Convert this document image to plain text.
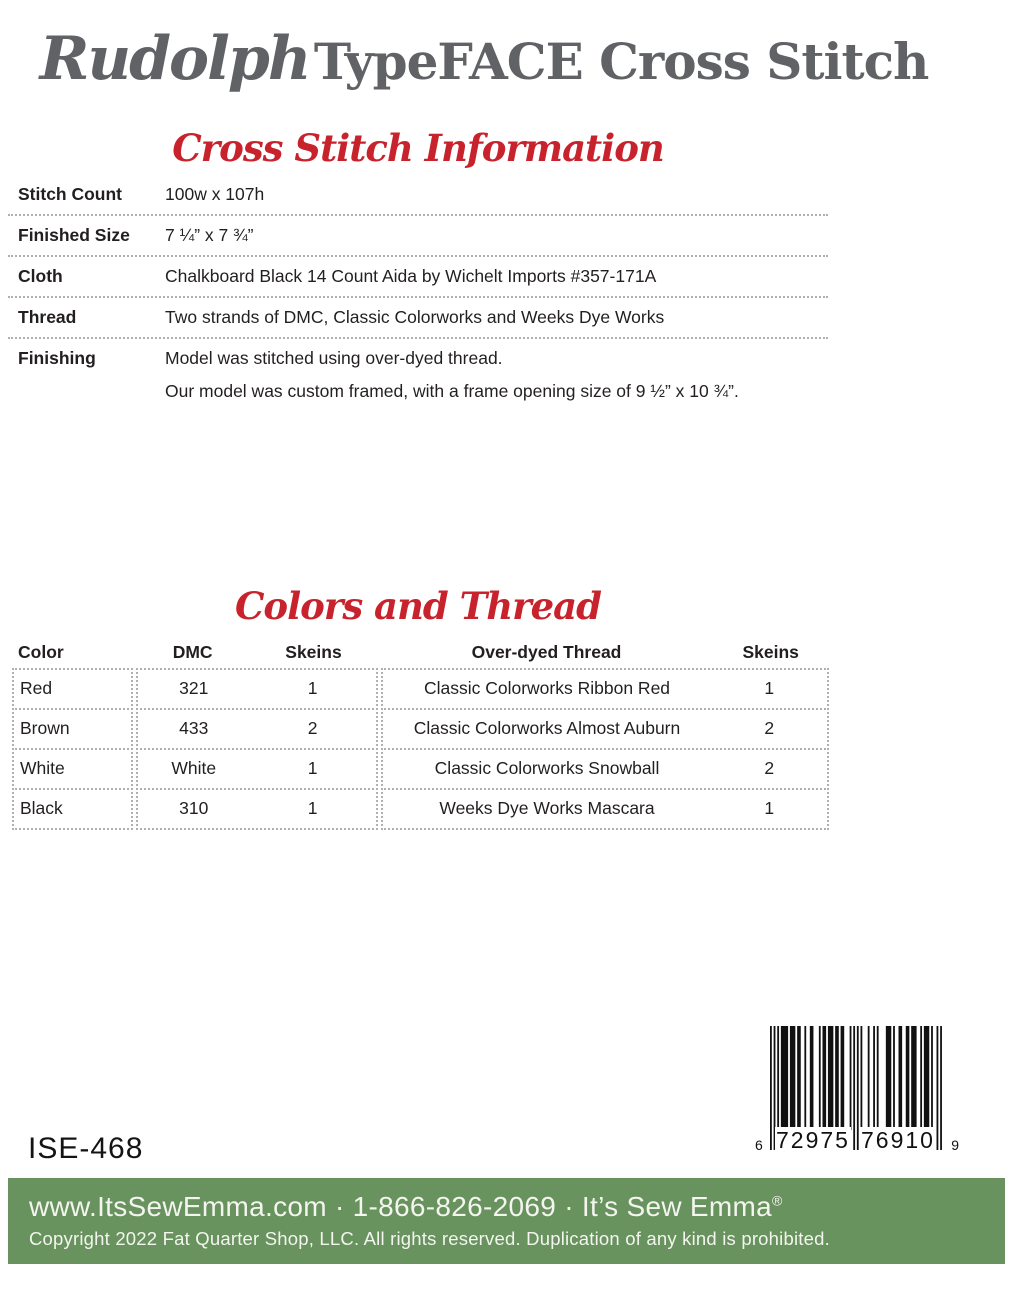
Rudolph TypeFACE Cross Stitch
Cross Stitch Information
Stitch Count	100w x 107h
Finished Size	7 ¼” x 7 ¾”
Cloth	Chalkboard Black 14 Count Aida by Wichelt Imports #357-171A
Thread	Two strands of DMC, Classic Colorworks and Weeks Dye Works
Finishing	Model was stitched using over-dyed thread.
Our model was custom framed, with a frame opening size of 9 ½” x 10 ¾”.
Colors and Thread
Color	DMC	Skeins	Over-dyed Thread	Skeins
Red	321	1	Classic Colorworks Ribbon Red	1
Brown	433	2	Classic Colorworks Almost Auburn	2
White	White	1	Classic Colorworks Snowball	2
Black	310	1	Weeks Dye Works Mascara	1
ISE-468	6 72975 76910 9
www.ItsSewEmma.com · 1-866-826-2069 · It’s Sew Emma®
Copyright 2022 Fat Quarter Shop, LLC. All rights reserved. Duplication of any kind is prohibited.
